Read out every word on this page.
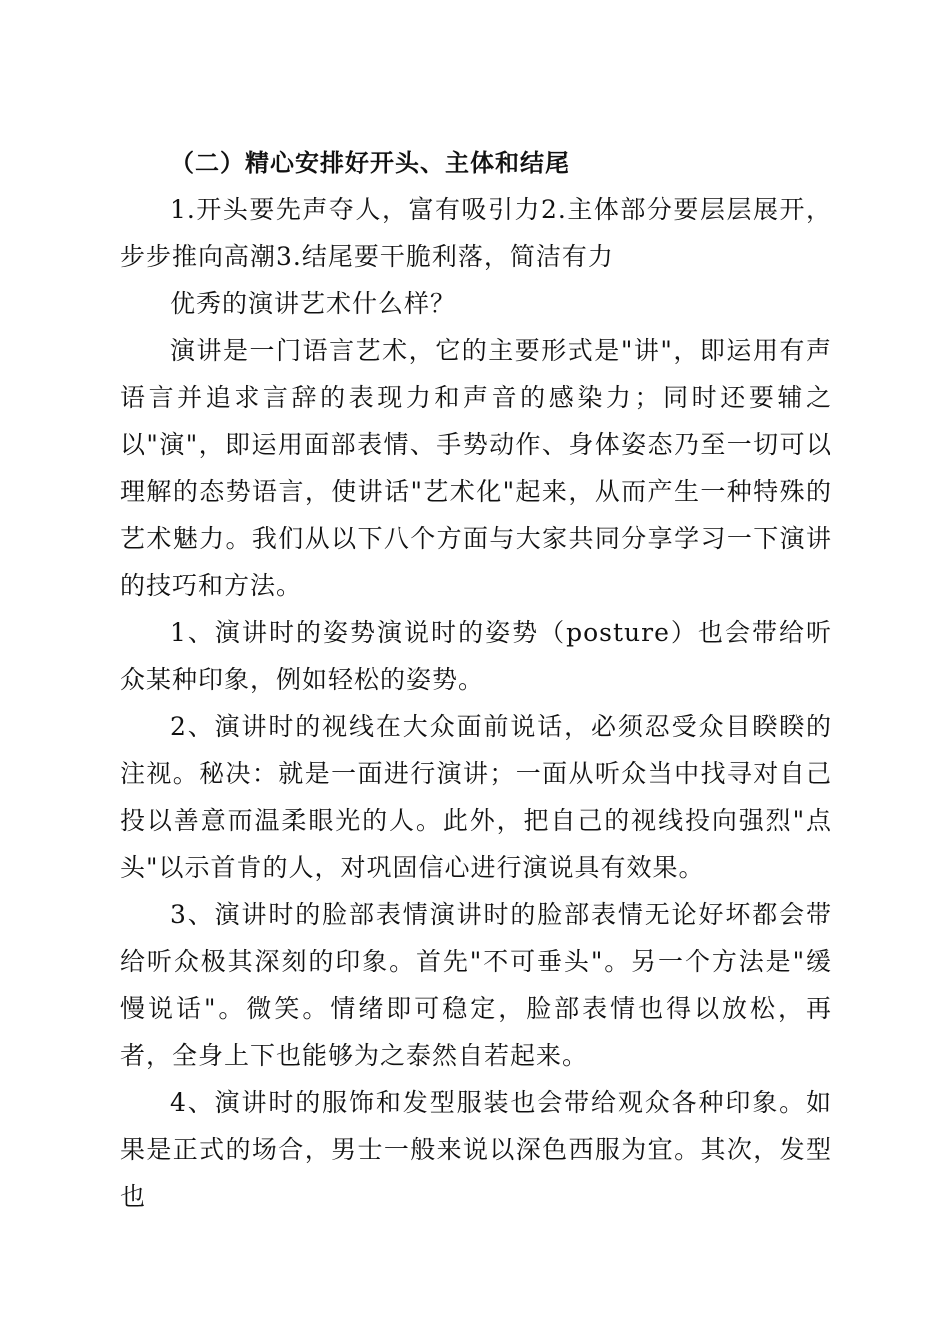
（二）精心安排好开头、主体和结尾

1.开头要先声夺人，富有吸引力2.主体部分要层层展开，步步推向高潮3.结尾要干脆利落，简洁有力

优秀的演讲艺术什么样？

演讲是一门语言艺术，它的主要形式是"讲"，即运用有声语言并追求言辞的表现力和声音的感染力；同时还要辅之以"演"，即运用面部表情、手势动作、身体姿态乃至一切可以理解的态势语言，使讲话"艺术化"起来，从而产生一种特殊的艺术魅力。我们从以下八个方面与大家共同分享学习一下演讲的技巧和方法。

1、演讲时的姿势演说时的姿势（posture）也会带给听众某种印象，例如轻松的姿势。

2、演讲时的视线在大众面前说话，必须忍受众目睽睽的注视。秘决：就是一面进行演讲；一面从听众当中找寻对自己投以善意而温柔眼光的人。此外，把自己的视线投向强烈"点头"以示首肯的人，对巩固信心进行演说具有效果。

3、演讲时的脸部表情演讲时的脸部表情无论好坏都会带给听众极其深刻的印象。首先"不可垂头"。另一个方法是"缓慢说话"。微笑。情绪即可稳定，脸部表情也得以放松，再者，全身上下也能够为之泰然自若起来。

4、演讲时的服饰和发型服装也会带给观众各种印象。如果是正式的场合，男士一般来说以深色西服为宜。其次，发型也
